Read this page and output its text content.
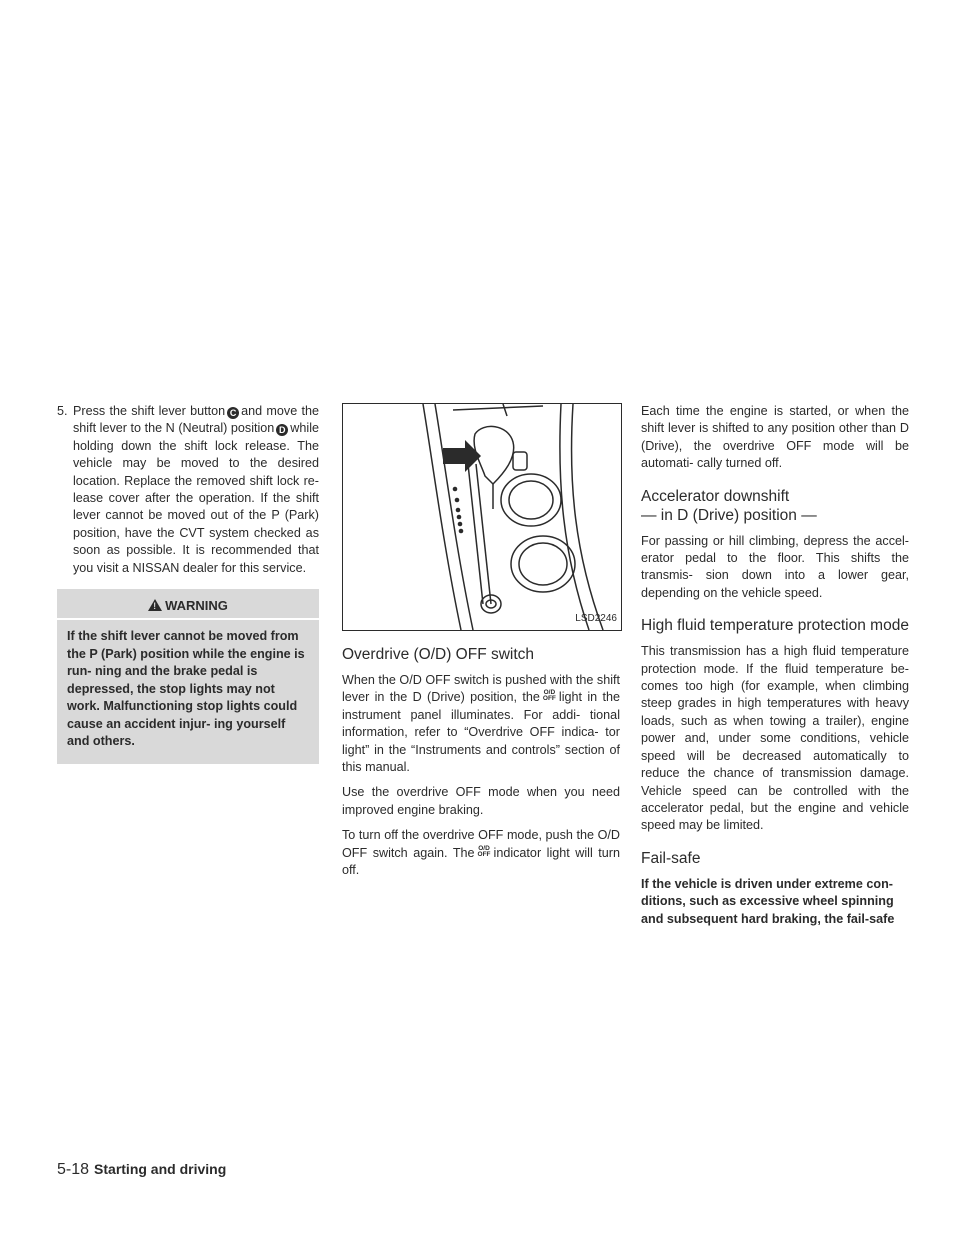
5. Press the shift lever button C and move the shift lever to the N (Neutral) position D while holding down the shift lock release. The vehicle may be moved to the desired location. Replace the removed shift lock re- lease cover after the operation. If the shift lever cannot be moved out of the P (Park) position, have the CVT system checked as soon as possible. It is recommended that you visit a NISSAN dealer for this service.
! WARNING
If the shift lever cannot be moved from the P (Park) position while the engine is run- ning and the brake pedal is depressed, the stop lights may not work. Malfunctioning stop lights could cause an accident injur- ing yourself and others.
LSD2246
Overdrive (O/D) OFF switch

When the O/D OFF switch is pushed with the shift lever in the D (Drive) position, the O/D
OFF light in the instrument panel illuminates. For addi- tional information, refer to “Overdrive OFF indica- tor light” in the “Instruments and controls” section of this manual.

Use the overdrive OFF mode when you need improved engine braking.

To turn off the overdrive OFF mode, push the O/D OFF switch again. The O/D
OFF indicator light will turn off.

Each time the engine is started, or when the shift lever is shifted to any position other than D (Drive), the overdrive OFF mode will be automati- cally turned off.

Accelerator downshift
— in D (Drive) position —

For passing or hill climbing, depress the accel- erator pedal to the floor. This shifts the transmis- sion down into a lower gear, depending on the vehicle speed.

High fluid temperature protection mode

This transmission has a high fluid temperature protection mode. If the fluid temperature be- comes too high (for example, when climbing steep grades in high temperatures with heavy loads, such as when towing a trailer), engine power and, under some conditions, vehicle speed will be decreased automatically to reduce the chance of transmission damage. Vehicle speed can be controlled with the accelerator pedal, but the engine and vehicle speed may be limited.

Fail-safe

If the vehicle is driven under extreme con- ditions, such as excessive wheel spinning and subsequent hard braking, the fail-safe

5-18 Starting and driving
